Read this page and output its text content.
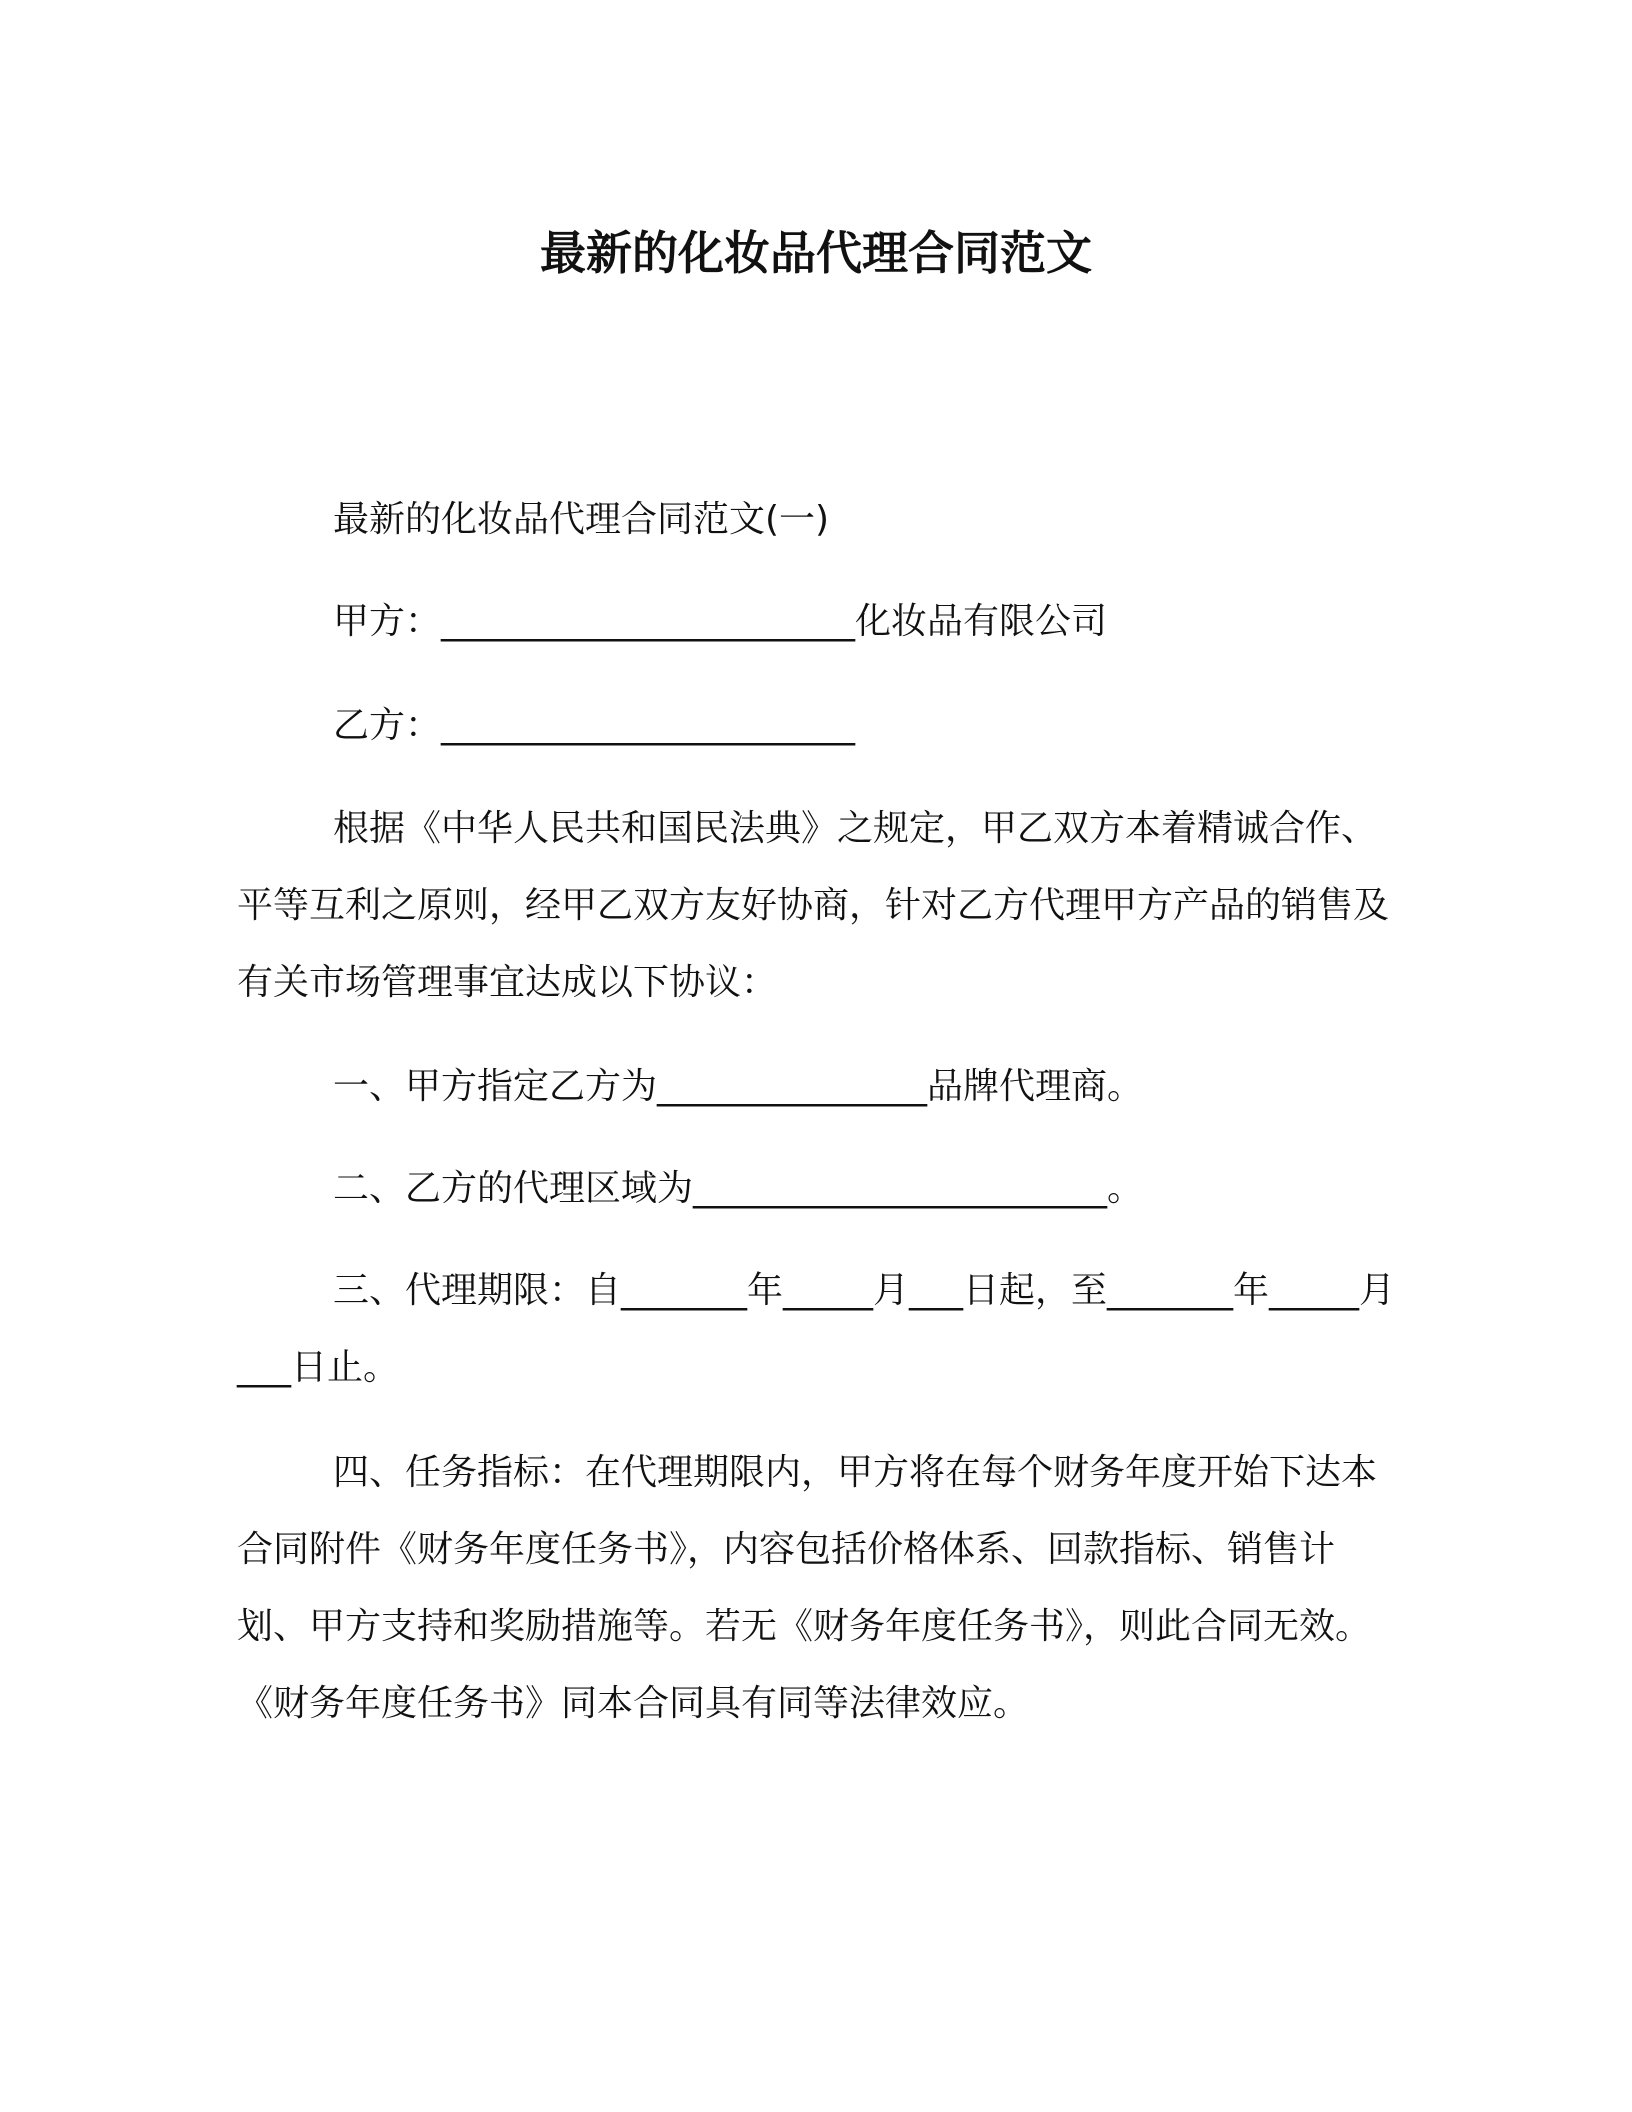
最新的化妆品代理合同范文
最新的化妆品代理合同范文(一)
甲方：_______________________化妆品有限公司
乙方：_______________________

根据《中华人民共和国民法典》之规定，甲乙双方本着精诚合作、平等互利之原则，经甲乙双方友好协商，针对乙方代理甲方产品的销售及有关市场管理事宜达成以下协议：

一、甲方指定乙方为_______________品牌代理商。

二、乙方的代理区域为_______________________。

三、代理期限：自_______年_____月___日起，至_______年_____月___日止。

四、任务指标：在代理期限内，甲方将在每个财务年度开始下达本合同附件《财务年度任务书》，内容包括价格体系、回款指标、销售计划、甲方支持和奖励措施等。若无《财务年度任务书》，则此合同无效。《财务年度任务书》同本合同具有同等法律效应。
